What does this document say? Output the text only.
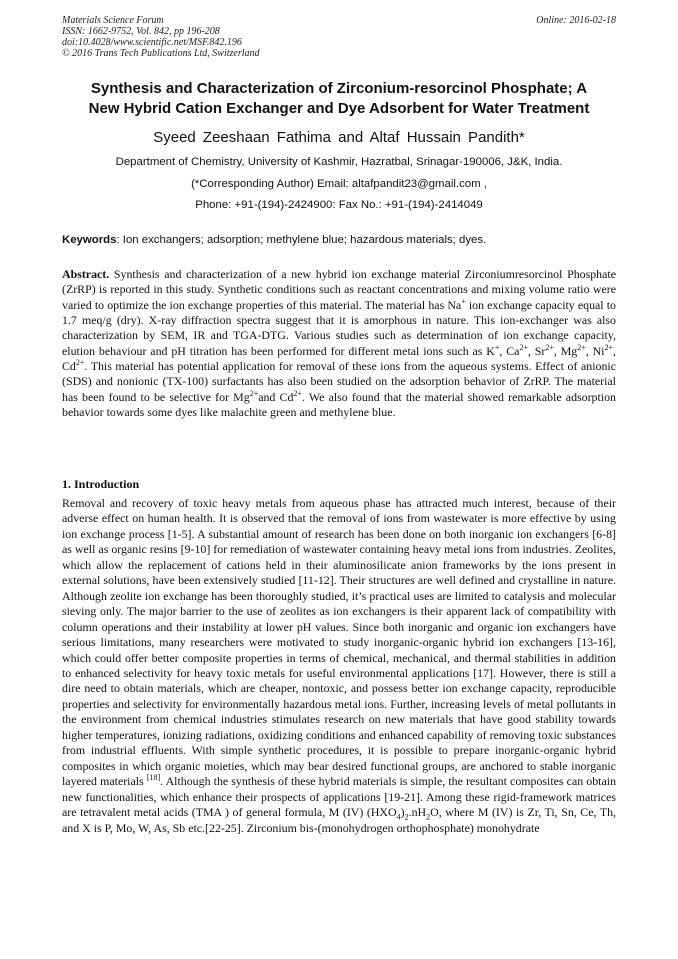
Materials Science Forum
ISSN: 1662-9752, Vol. 842, pp 196-208
doi:10.4028/www.scientific.net/MSF.842.196
© 2016 Trans Tech Publications Ltd, Switzerland
Online: 2016-02-18
Synthesis and Characterization of Zirconium-resorcinol Phosphate; A
New Hybrid Cation Exchanger and Dye Adsorbent for Water Treatment
Syeed Zeeshaan Fathima and Altaf Hussain Pandith*
Department of Chemistry, University of Kashmir, Hazratbal, Srinagar-190006, J&K, India.
(*Corresponding Author) Email: altafpandit23@gmail.com ,
Phone: +91-(194)-2424900: Fax No.: +91-(194)-2414049
Keywords: Ion exchangers; adsorption; methylene blue; hazardous materials; dyes.
Abstract. Synthesis and characterization of a new hybrid ion exchange material Zirconiumresorcinol Phosphate (ZrRP) is reported in this study. Synthetic conditions such as reactant concentrations and mixing volume ratio were varied to optimize the ion exchange properties of this material. The material has Na+ ion exchange capacity equal to 1.7 meq/g (dry). X-ray diffraction spectra suggest that it is amorphous in nature. This ion-exchanger was also characterization by SEM, IR and TGA-DTG. Various studies such as determination of ion exchange capacity, elution behaviour and pH titration has been performed for different metal ions such as K+, $Ca^{2+}$, $Sr^{2+}$, $Mg^{2+}$, $Ni^{2+}$, $Cd^{2+}$. This material has potential application for removal of these ions from the aqueous systems. Effect of anionic (SDS) and nonionic (TX-100) surfactants has also been studied on the adsorption behavior of ZrRP. The material has been found to be selective for $Mg^{2+}and$ $Cd^{2+}$. We also found that the material showed remarkable adsorption behavior towards some dyes like malachite green and methylene blue.
1. Introduction
Removal and recovery of toxic heavy metals from aqueous phase has attracted much interest, because of their adverse effect on human health. It is observed that the removal of ions from wastewater is more effective by using ion exchange process [1-5]. A substantial amount of research has been done on both inorganic ion exchangers [6-8] as well as organic resins [9-10] for remediation of wastewater containing heavy metal ions from industries. Zeolites, which allow the replacement of cations held in their aluminosilicate anion frameworks by the ions present in external solutions, have been extensively studied [11-12]. Their structures are well defined and crystalline in nature. Although zeolite ion exchange has been thoroughly studied, it’s practical uses are limited to catalysis and molecular sieving only. The major barrier to the use of zeolites as ion exchangers is their apparent lack of compatibility with column operations and their instability at lower pH values. Since both inorganic and organic ion exchangers have serious limitations, many researchers were motivated to study inorganic-organic hybrid ion exchangers [13-16], which could offer better composite properties in terms of chemical, mechanical, and thermal stabilities in addition to enhanced selectivity for heavy toxic metals for useful environmental applications [17]. However, there is still a dire need to obtain materials, which are cheaper, nontoxic, and possess better ion exchange capacity, reproducible properties and selectivity for environmentally hazardous metal ions. Further, increasing levels of metal pollutants in the environment from chemical industries stimulates research on new materials that have good stability towards higher temperatures, ionizing radiations, oxidizing conditions and enhanced capability of removing toxic substances from industrial effluents. With simple synthetic procedures, it is possible to prepare inorganic-organic hybrid composites in which organic moieties, which may bear desired functional groups, are anchored to stable inorganic layered materials [18]. Although the synthesis of these hybrid materials is simple, the resultant composites can obtain new functionalities, which enhance their prospects of applications [19-21]. Among these rigid-framework matrices are tetravalent metal acids (TMA ) of general formula, M (IV) $(HXO_4)_2.nH_2O$, where M (IV) is Zr, Ti, Sn, Ce, Th, and X is P, Mo, W, As, Sb etc.[22-25]. Zirconium bis-(monohydrogen orthophosphate) monohydrate
